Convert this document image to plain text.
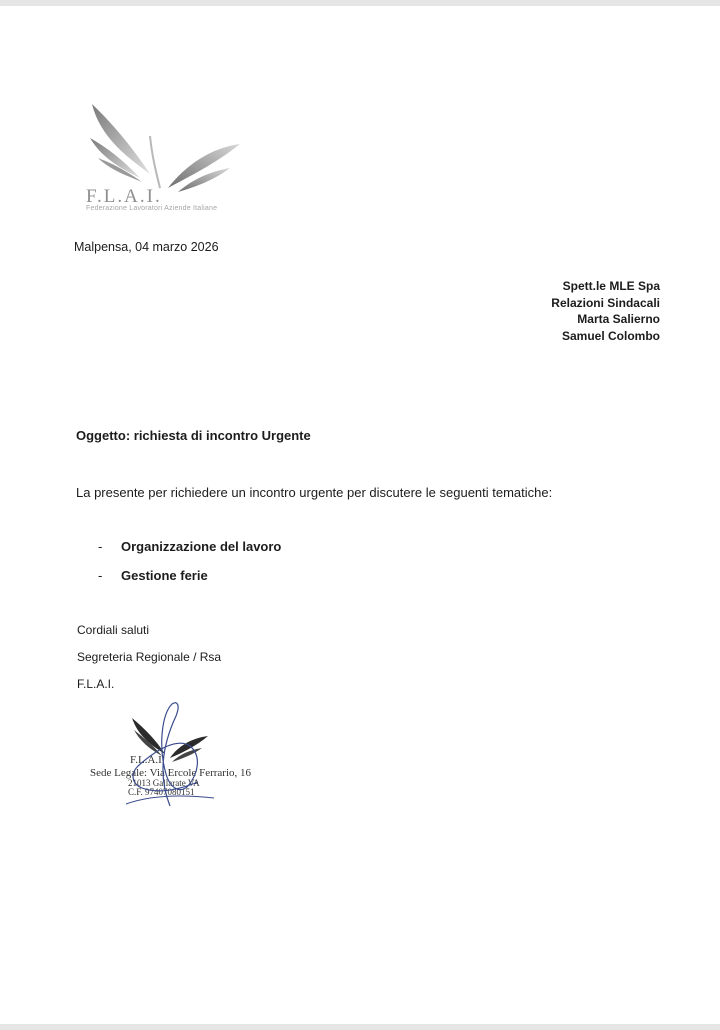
F.L.A.I.
Federazione Lavoratori Aziende Italiane
Malpensa, 04 marzo 2026
Spett.le MLE Spa
Relazioni Sindacali
Marta Salierno
Samuel Colombo
Oggetto: richiesta di incontro Urgente
La presente per richiedere un incontro urgente per discutere le seguenti tematiche:
-	Organizzazione del lavoro
-	Gestione ferie
Cordiali saluti
Segreteria Regionale / Rsa
F.L.A.I.
F.L.A.I.
Sede Legale: Via Ercole Ferrario, 16
21013 Gallarate VA
C.F. 97407080151
